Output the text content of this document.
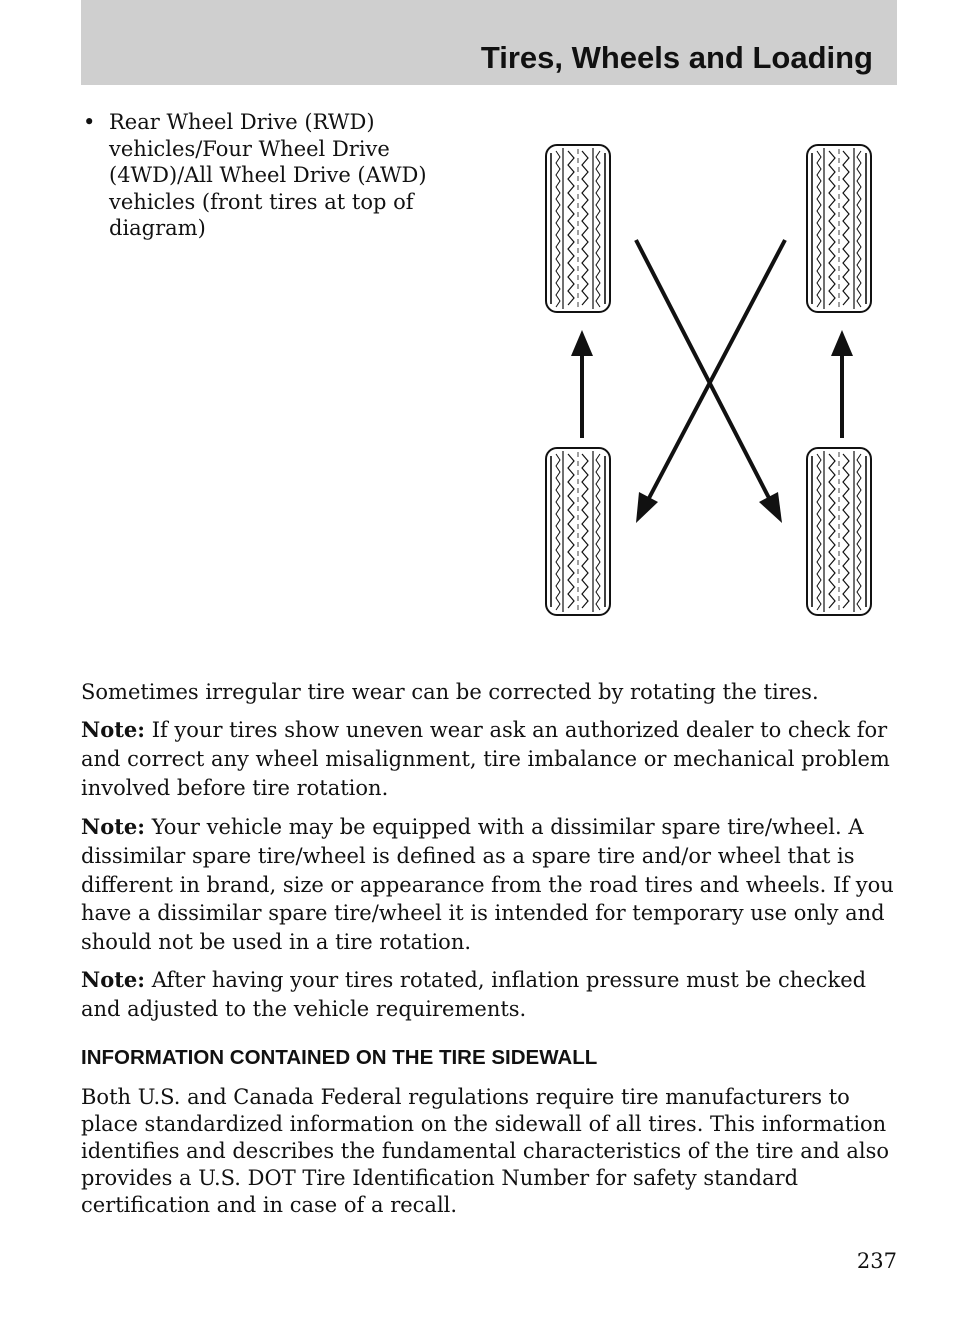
Tires, Wheels and Loading
• Rear Wheel Drive (RWD) vehicles/Four Wheel Drive (4WD)/All Wheel Drive (AWD) vehicles (front tires at top of diagram)

Sometimes irregular tire wear can be corrected by rotating the tires.

Note: If your tires show uneven wear ask an authorized dealer to check for and correct any wheel misalignment, tire imbalance or mechanical problem involved before tire rotation.

Note: Your vehicle may be equipped with a dissimilar spare tire/wheel. A dissimilar spare tire/wheel is defined as a spare tire and/or wheel that is different in brand, size or appearance from the road tires and wheels. If you have a dissimilar spare tire/wheel it is intended for temporary use only and should not be used in a tire rotation.

Note: After having your tires rotated, inflation pressure must be checked and adjusted to the vehicle requirements.

INFORMATION CONTAINED ON THE TIRE SIDEWALL

Both U.S. and Canada Federal regulations require tire manufacturers to place standardized information on the sidewall of all tires. This information identifies and describes the fundamental characteristics of the tire and also provides a U.S. DOT Tire Identification Number for safety standard certification and in case of a recall.

237
